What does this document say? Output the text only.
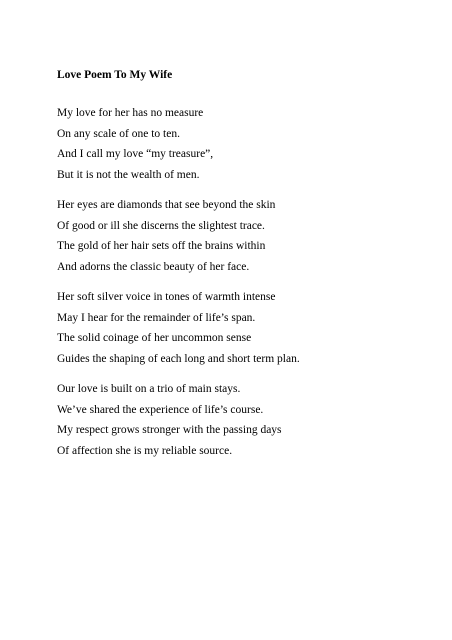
Love Poem To My Wife
My love for her has no measure
On any scale of one to ten.
And I call my love “my treasure”,
But it is not the wealth of men.
Her eyes are diamonds that see beyond the skin
Of good or ill she discerns the slightest trace.
The gold of her hair sets off the brains within
And adorns the classic beauty of her face.
Her soft silver voice in tones of warmth intense
May I hear for the remainder of life’s span.
The solid coinage of her uncommon sense
Guides the shaping of each long and short term plan.
Our love is built on a trio of main stays.
We’ve shared the experience of life’s course.
My respect grows stronger with the passing days
Of affection she is my reliable source.
